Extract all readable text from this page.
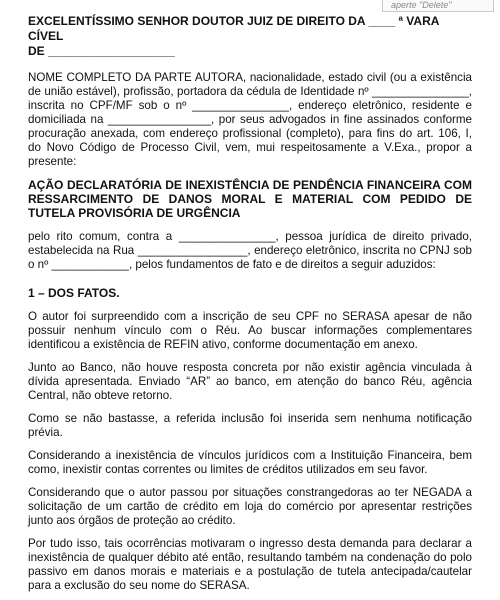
aperte "Delete"
EXCELENTÍSSIMO SENHOR DOUTOR JUIZ DE DIREITO DA ____ ª VARA CÍVEL
DE ___________________

NOME COMPLETO DA PARTE AUTORA, nacionalidade, estado civil (ou a existência de união estável), profissão, portadora da cédula de Identidade nº _______________, inscrita no CPF/MF sob o nº _______________, endereço eletrônico, residente e domiciliada na ________________, por seus advogados in fine assinados conforme procuração anexada, com endereço profissional (completo), para fins do art. 106, I, do Novo Código de Processo Civil, vem, mui respeitosamente a V.Exa., propor a presente:

AÇÃO DECLARATÓRIA DE INEXISTÊNCIA DE PENDÊNCIA FINANCEIRA COM RESSARCIMENTO DE DANOS MORAL E MATERIAL COM PEDIDO DE TUTELA PROVISÓRIA DE URGÊNCIA

pelo rito comum, contra a _______________, pessoa jurídica de direito privado, estabelecida na Rua _________________, endereço eletrônico, inscrita no CPNJ sob o nº ____________, pelos fundamentos de fato e de direitos a seguir aduzidos:

1 – DOS FATOS.

O autor foi surpreendido com a inscrição de seu CPF no SERASA apesar de não possuir nenhum vínculo com o Réu. Ao buscar informações complementares identificou a existência de REFIN ativo, conforme documentação em anexo.

Junto ao Banco, não houve resposta concreta por não existir agência vinculada à dívida apresentada. Enviado “AR” ao banco, em atenção do banco Réu, agência Central, não obteve retorno.

Como se não bastasse, a referida inclusão foi inserida sem nenhuma notificação prévia.

Considerando a inexistência de vínculos jurídicos com a Instituição Financeira, bem como, inexistir contas correntes ou limites de créditos utilizados em seu favor.

Considerando que o autor passou por situações constrangedoras ao ter NEGADA a solicitação de um cartão de crédito em loja do comércio por apresentar restrições junto aos órgãos de proteção ao crédito.

Por tudo isso, tais ocorrências motivaram o ingresso desta demanda para declarar a inexistência de qualquer débito até então, resultando também na condenação do polo passivo em danos morais e materiais e a postulação de tutela antecipada/cautelar para a exclusão do seu nome do SERASA.
